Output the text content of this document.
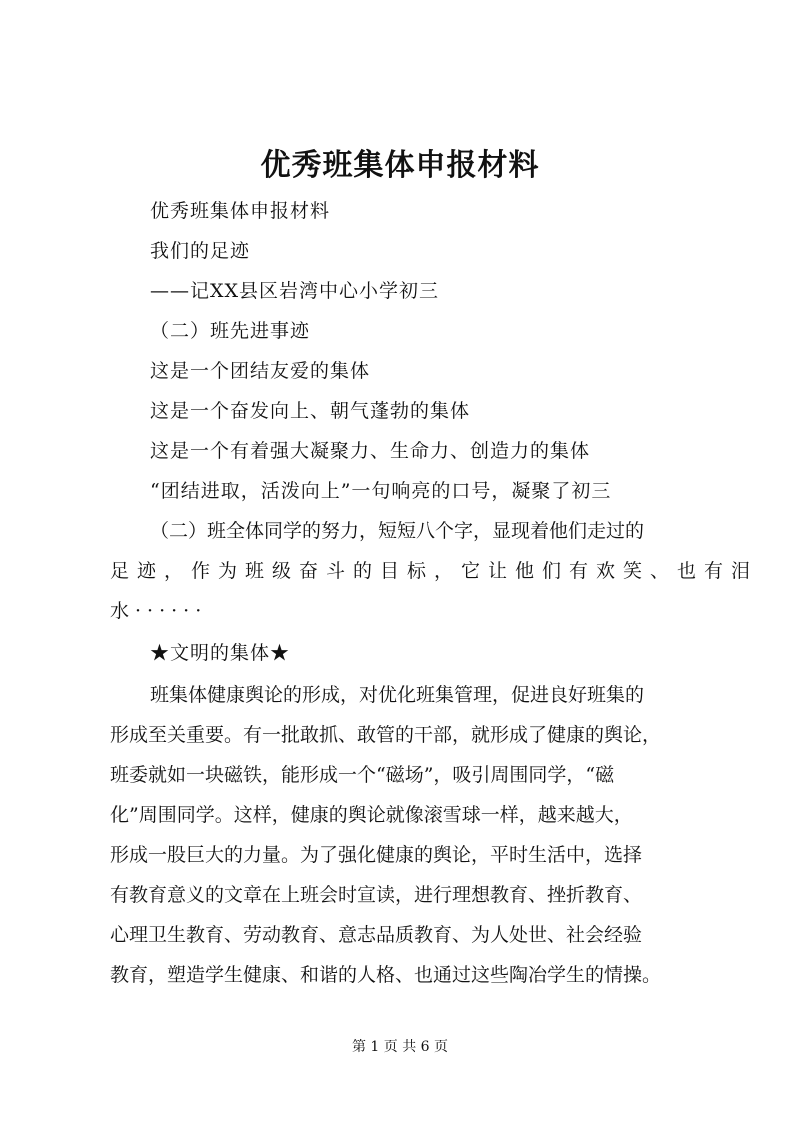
优秀班集体申报材料
优秀班集体申报材料
我们的足迹
——记XX县区岩湾中心小学初三
（二）班先进事迹
这是一个团结友爱的集体
这是一个奋发向上、朝气蓬勃的集体
这是一个有着强大凝聚力、生命力、创造力的集体
“团结进取，活泼向上”一句响亮的口号，凝聚了初三
（二）班全体同学的努力，短短八个字，显现着他们走过的
足迹，作为班级奋斗的目标，它让他们有欢笑、也有泪
水······
★文明的集体★
班集体健康舆论的形成，对优化班集管理，促进良好班集的
形成至关重要。有一批敢抓、敢管的干部，就形成了健康的舆论，
班委就如一块磁铁，能形成一个“磁场”，吸引周围同学，“磁
化”周围同学。这样，健康的舆论就像滚雪球一样，越来越大，
形成一股巨大的力量。为了强化健康的舆论，平时生活中，选择
有教育意义的文章在上班会时宣读，进行理想教育、挫折教育、
心理卫生教育、劳动教育、意志品质教育、为人处世、社会经验
教育，塑造学生健康、和谐的人格、也通过这些陶冶学生的情操。
第 1 页 共 6 页
